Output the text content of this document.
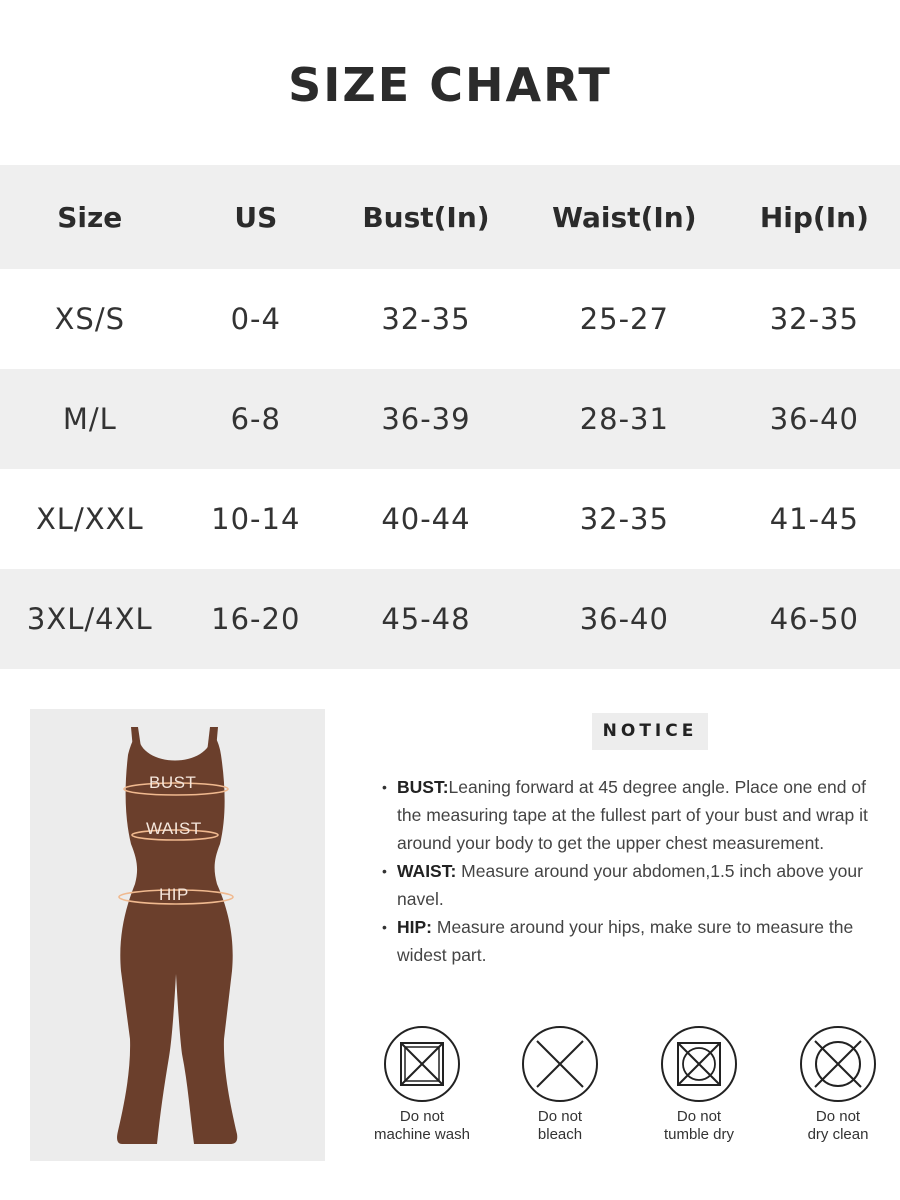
SIZE CHART
Size	US	Bust(In)	Waist(In)	Hip(In)
XS/S	0-4	32-35	25-27	32-35
M/L	6-8	36-39	28-31	36-40
XL/XXL	10-14	40-44	32-35	41-45
3XL/4XL	16-20	45-48	36-40	46-50
BUST
WAIST
HIP
NOTICE
• BUST:Leaning forward at 45 degree angle. Place one end of the measuring tape at the fullest part of your bust and wrap it around your body to get the upper chest measurement.
• WAIST: Measure around your abdomen,1.5 inch above your navel.
• HIP: Measure around your hips, make sure to measure the widest part.
Do not
machine wash
Do not
bleach
Do not
tumble dry
Do not
dry clean
